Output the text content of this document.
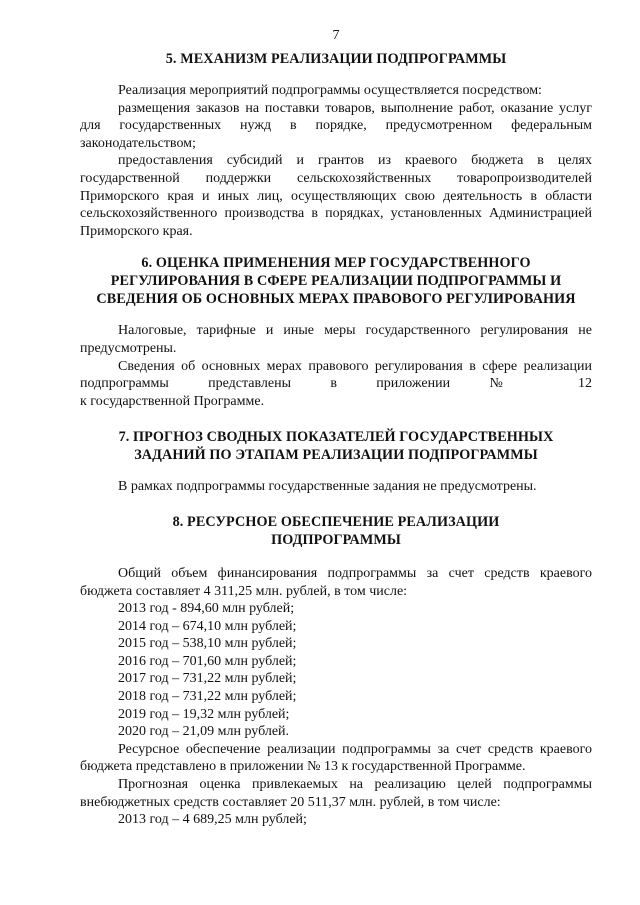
7
5. МЕХАНИЗМ РЕАЛИЗАЦИИ ПОДПРОГРАММЫ

Реализация мероприятий подпрограммы осуществляется посредством:

размещения заказов на поставки товаров, выполнение работ, оказание услуг для государственных нужд в порядке, предусмотренном федеральным законодательством;

предоставления субсидий и грантов из краевого бюджета в целях государственной поддержки сельскохозяйственных товаропроизводителей Приморского края и иных лиц, осуществляющих свою деятельность в области сельскохозяйственного производства в порядках, установленных Администрацией Приморского края.

6. ОЦЕНКА ПРИМЕНЕНИЯ МЕР ГОСУДАРСТВЕННОГО
РЕГУЛИРОВАНИЯ В СФЕРЕ РЕАЛИЗАЦИИ ПОДПРОГРАММЫ И
СВЕДЕНИЯ ОБ ОСНОВНЫХ МЕРАХ ПРАВОВОГО РЕГУЛИРОВАНИЯ

Налоговые, тарифные и иные меры государственного регулирования не предусмотрены.

Сведения об основных мерах правового регулирования в сфере реализации подпрограммы представлены в приложении № 12

к государственной Программе.

7. ПРОГНОЗ СВОДНЫХ ПОКАЗАТЕЛЕЙ ГОСУДАРСТВЕННЫХ
ЗАДАНИЙ ПО ЭТАПАМ РЕАЛИЗАЦИИ ПОДПРОГРАММЫ

В рамках подпрограммы государственные задания не предусмотрены.

8. РЕСУРСНОЕ ОБЕСПЕЧЕНИЕ РЕАЛИЗАЦИИ
ПОДПРОГРАММЫ

Общий объем финансирования подпрограммы за счет средств краевого бюджета составляет 4 311,25 млн. рублей, в том числе:

2013 год - 894,60 млн рублей;
2014 год – 674,10 млн рублей;
2015 год – 538,10 млн рублей;
2016 год – 701,60 млн рублей;
2017 год – 731,22 млн рублей;
2018 год – 731,22 млн рублей;
2019 год – 19,32 млн рублей;
2020 год – 21,09 млн рублей.

Ресурсное обеспечение реализации подпрограммы за счет средств краевого бюджета представлено в приложении № 13 к государственной Программе.

Прогнозная оценка привлекаемых на реализацию целей подпрограммы внебюджетных средств составляет 20 511,37 млн. рублей, в том числе:

2013 год – 4 689,25 млн рублей;
